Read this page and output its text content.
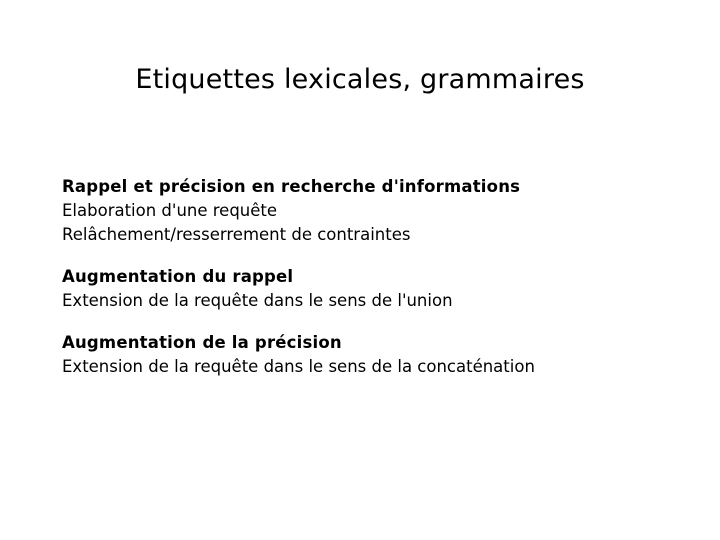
Etiquettes lexicales, grammaires
Rappel et précision en recherche d'informations
Elaboration d'une requête
Relâchement/resserrement de contraintes
Augmentation du rappel
Extension de la requête dans le sens de l'union
Augmentation de la précision
Extension de la requête dans le sens de la concaténation
